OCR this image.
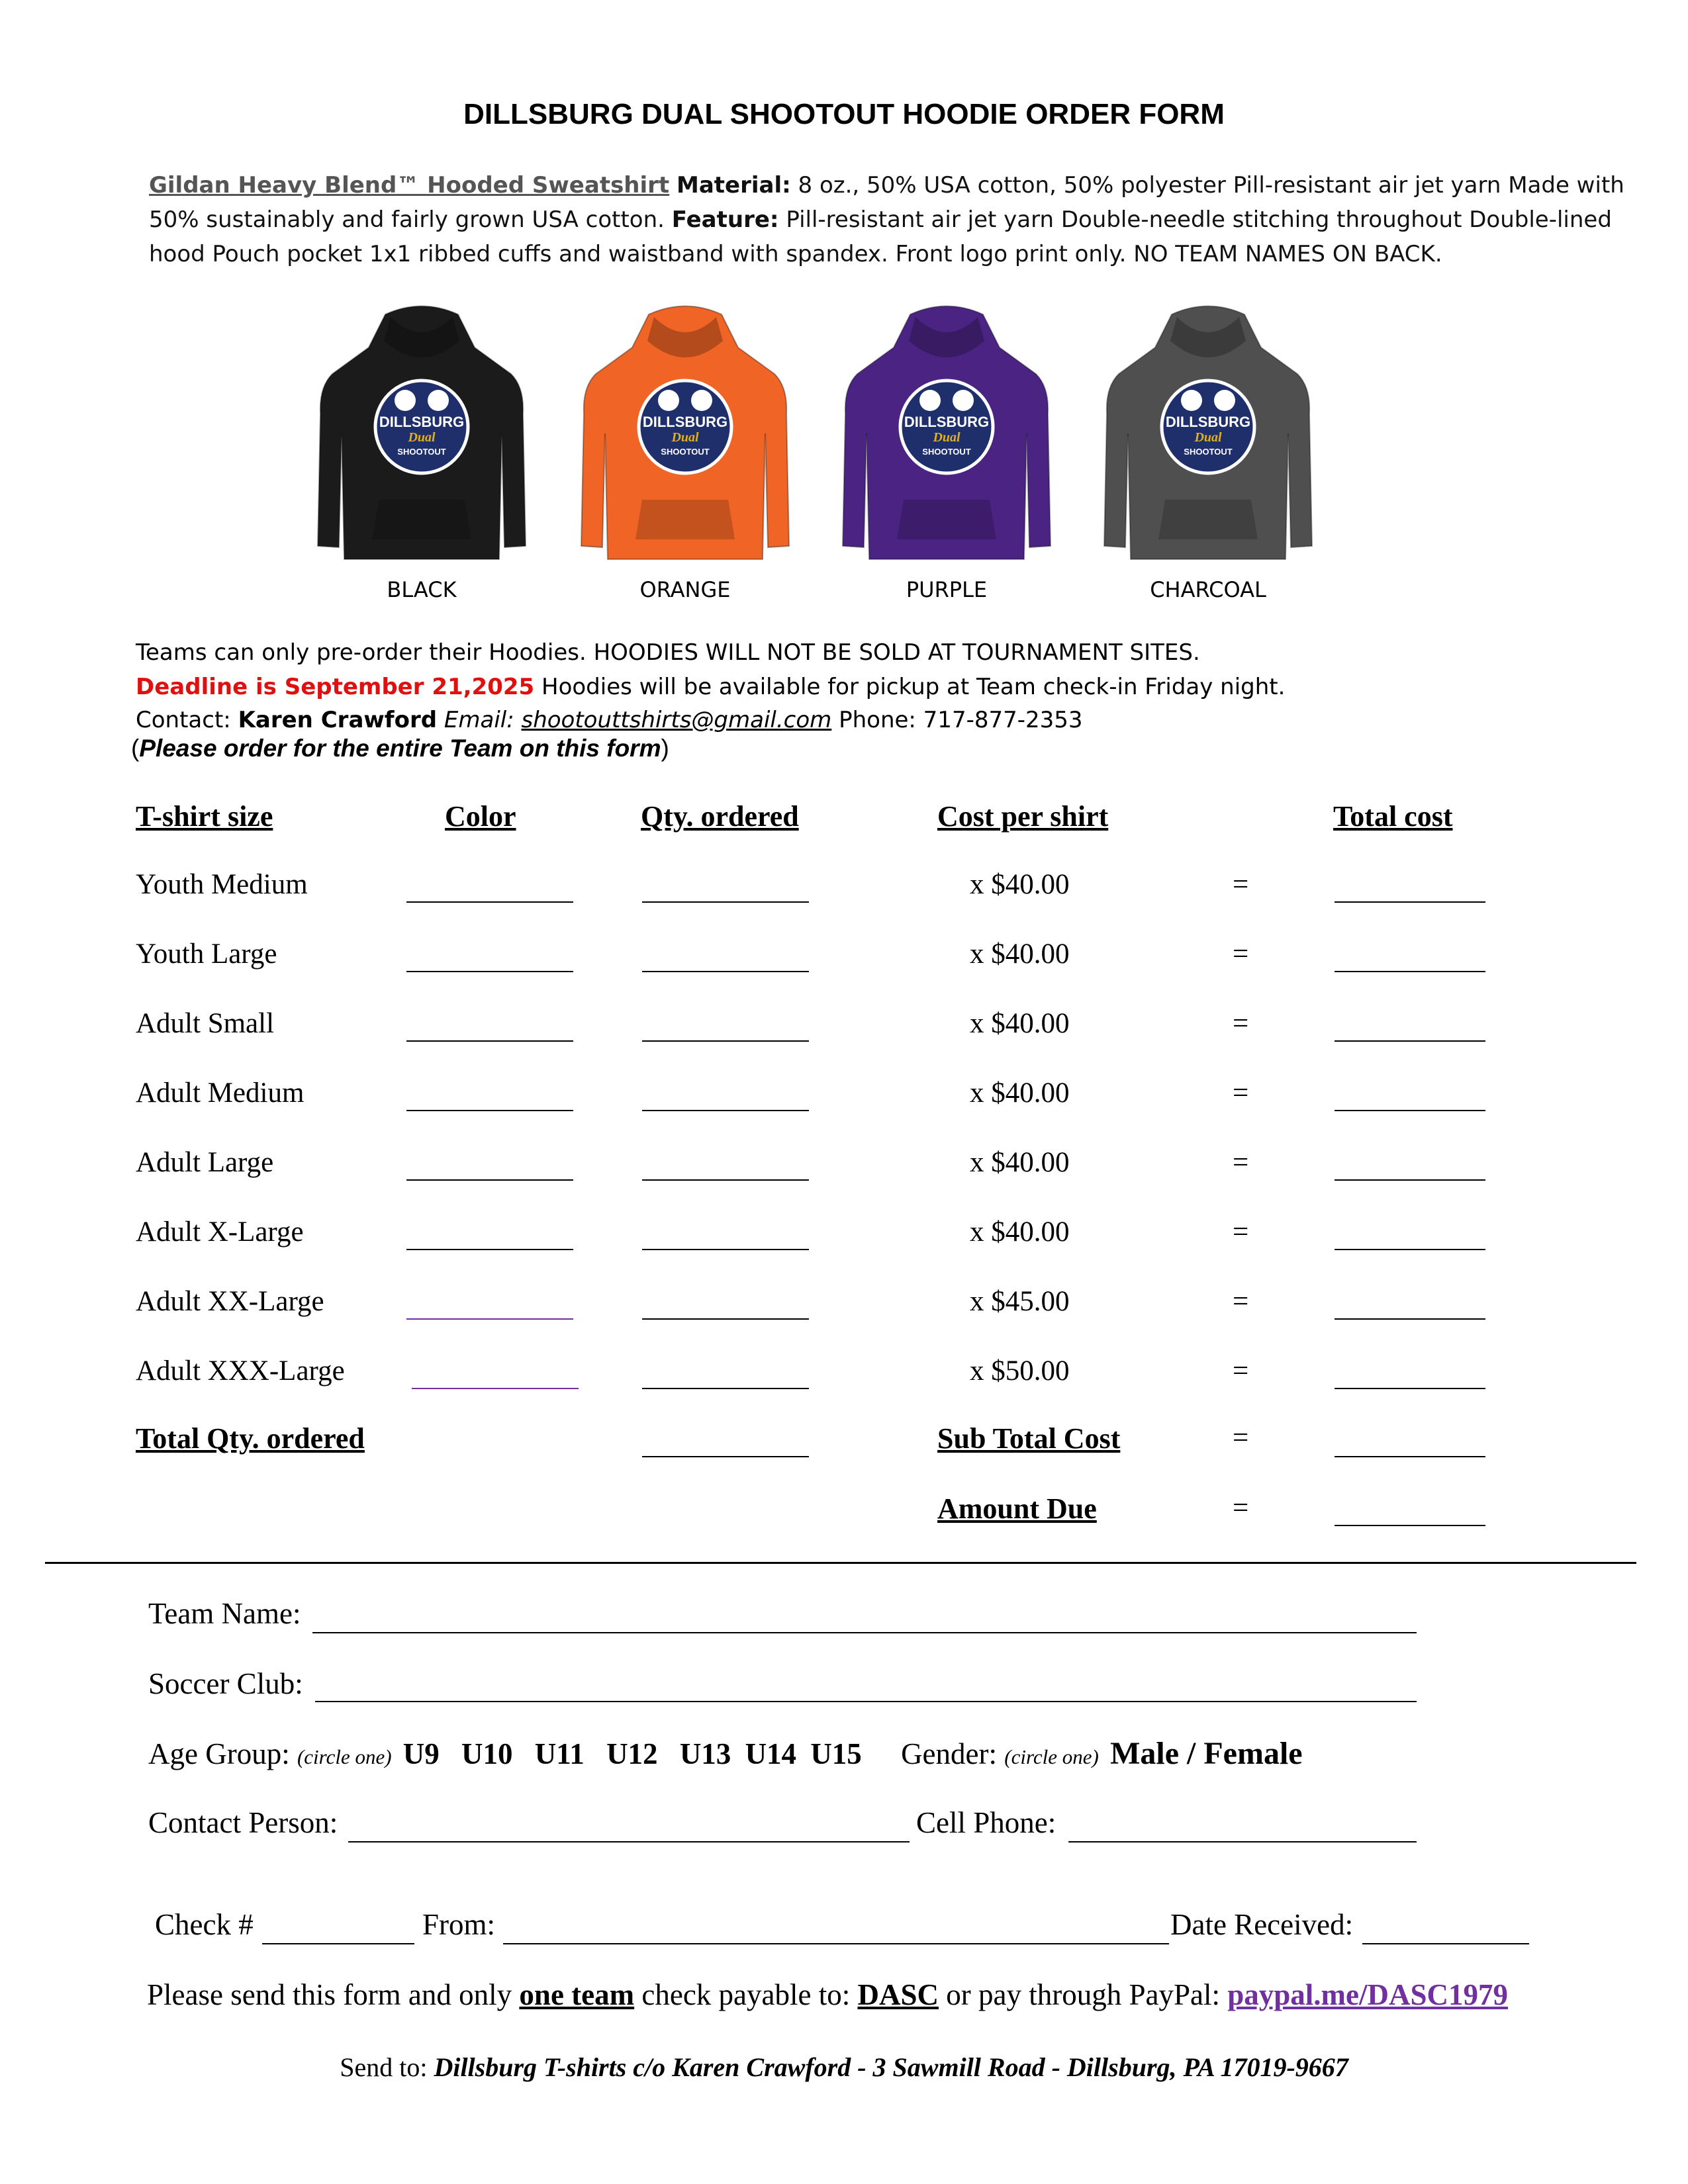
DILLSBURG DUAL SHOOTOUT HOODIE ORDER FORM
Gildan Heavy Blend™ Hooded Sweatshirt Material: 8 oz., 50% USA cotton, 50% polyester Pill-resistant air jet yarn Made with 50% sustainably and fairly grown USA cotton. Feature: Pill-resistant air jet yarn Double-needle stitching throughout Double-lined hood Pouch pocket 1x1 ribbed cuffs and waistband with spandex. Front logo print only. NO TEAM NAMES ON BACK.
DILLSBURG
Dual
SHOOTOUT
BLACK
DILLSBURG
Dual
SHOOTOUT
ORANGE
DILLSBURG
Dual
SHOOTOUT
PURPLE
DILLSBURG
Dual
SHOOTOUT
CHARCOAL
Teams can only pre-order their Hoodies. HOODIES WILL NOT BE SOLD AT TOURNAMENT SITES.
Deadline is September 21,2025 Hoodies will be available for pickup at Team check-in Friday night.
Contact: Karen Crawford Email: shootouttshirts@gmail.com Phone: 717-877-2353
(Please order for the entire Team on this form)
T-shirt size	Color	Qty. ordered	Cost per shirt	Total cost
Youth Medium	x $40.00	=
Youth Large	x $40.00	=
Adult Small	x $40.00	=
Adult Medium	x $40.00	=
Adult Large	x $40.00	=
Adult X-Large	x $40.00	=
Adult XX-Large	x $45.00	=
Adult XXX-Large	x $50.00	=
Total Qty. ordered	Sub Total Cost	=
Amount Due	=
Team Name:
Soccer Club:
Age Group: (circle one) U9 U10 U11 U12 U13 U14 U15 Gender: (circle one) Male / Female
Contact Person:	Cell Phone:
Check #	From:	Date Received:
Please send this form and only one team check payable to: DASC or pay through PayPal: paypal.me/DASC1979
Send to: Dillsburg T-shirts c/o Karen Crawford - 3 Sawmill Road - Dillsburg, PA 17019-9667
